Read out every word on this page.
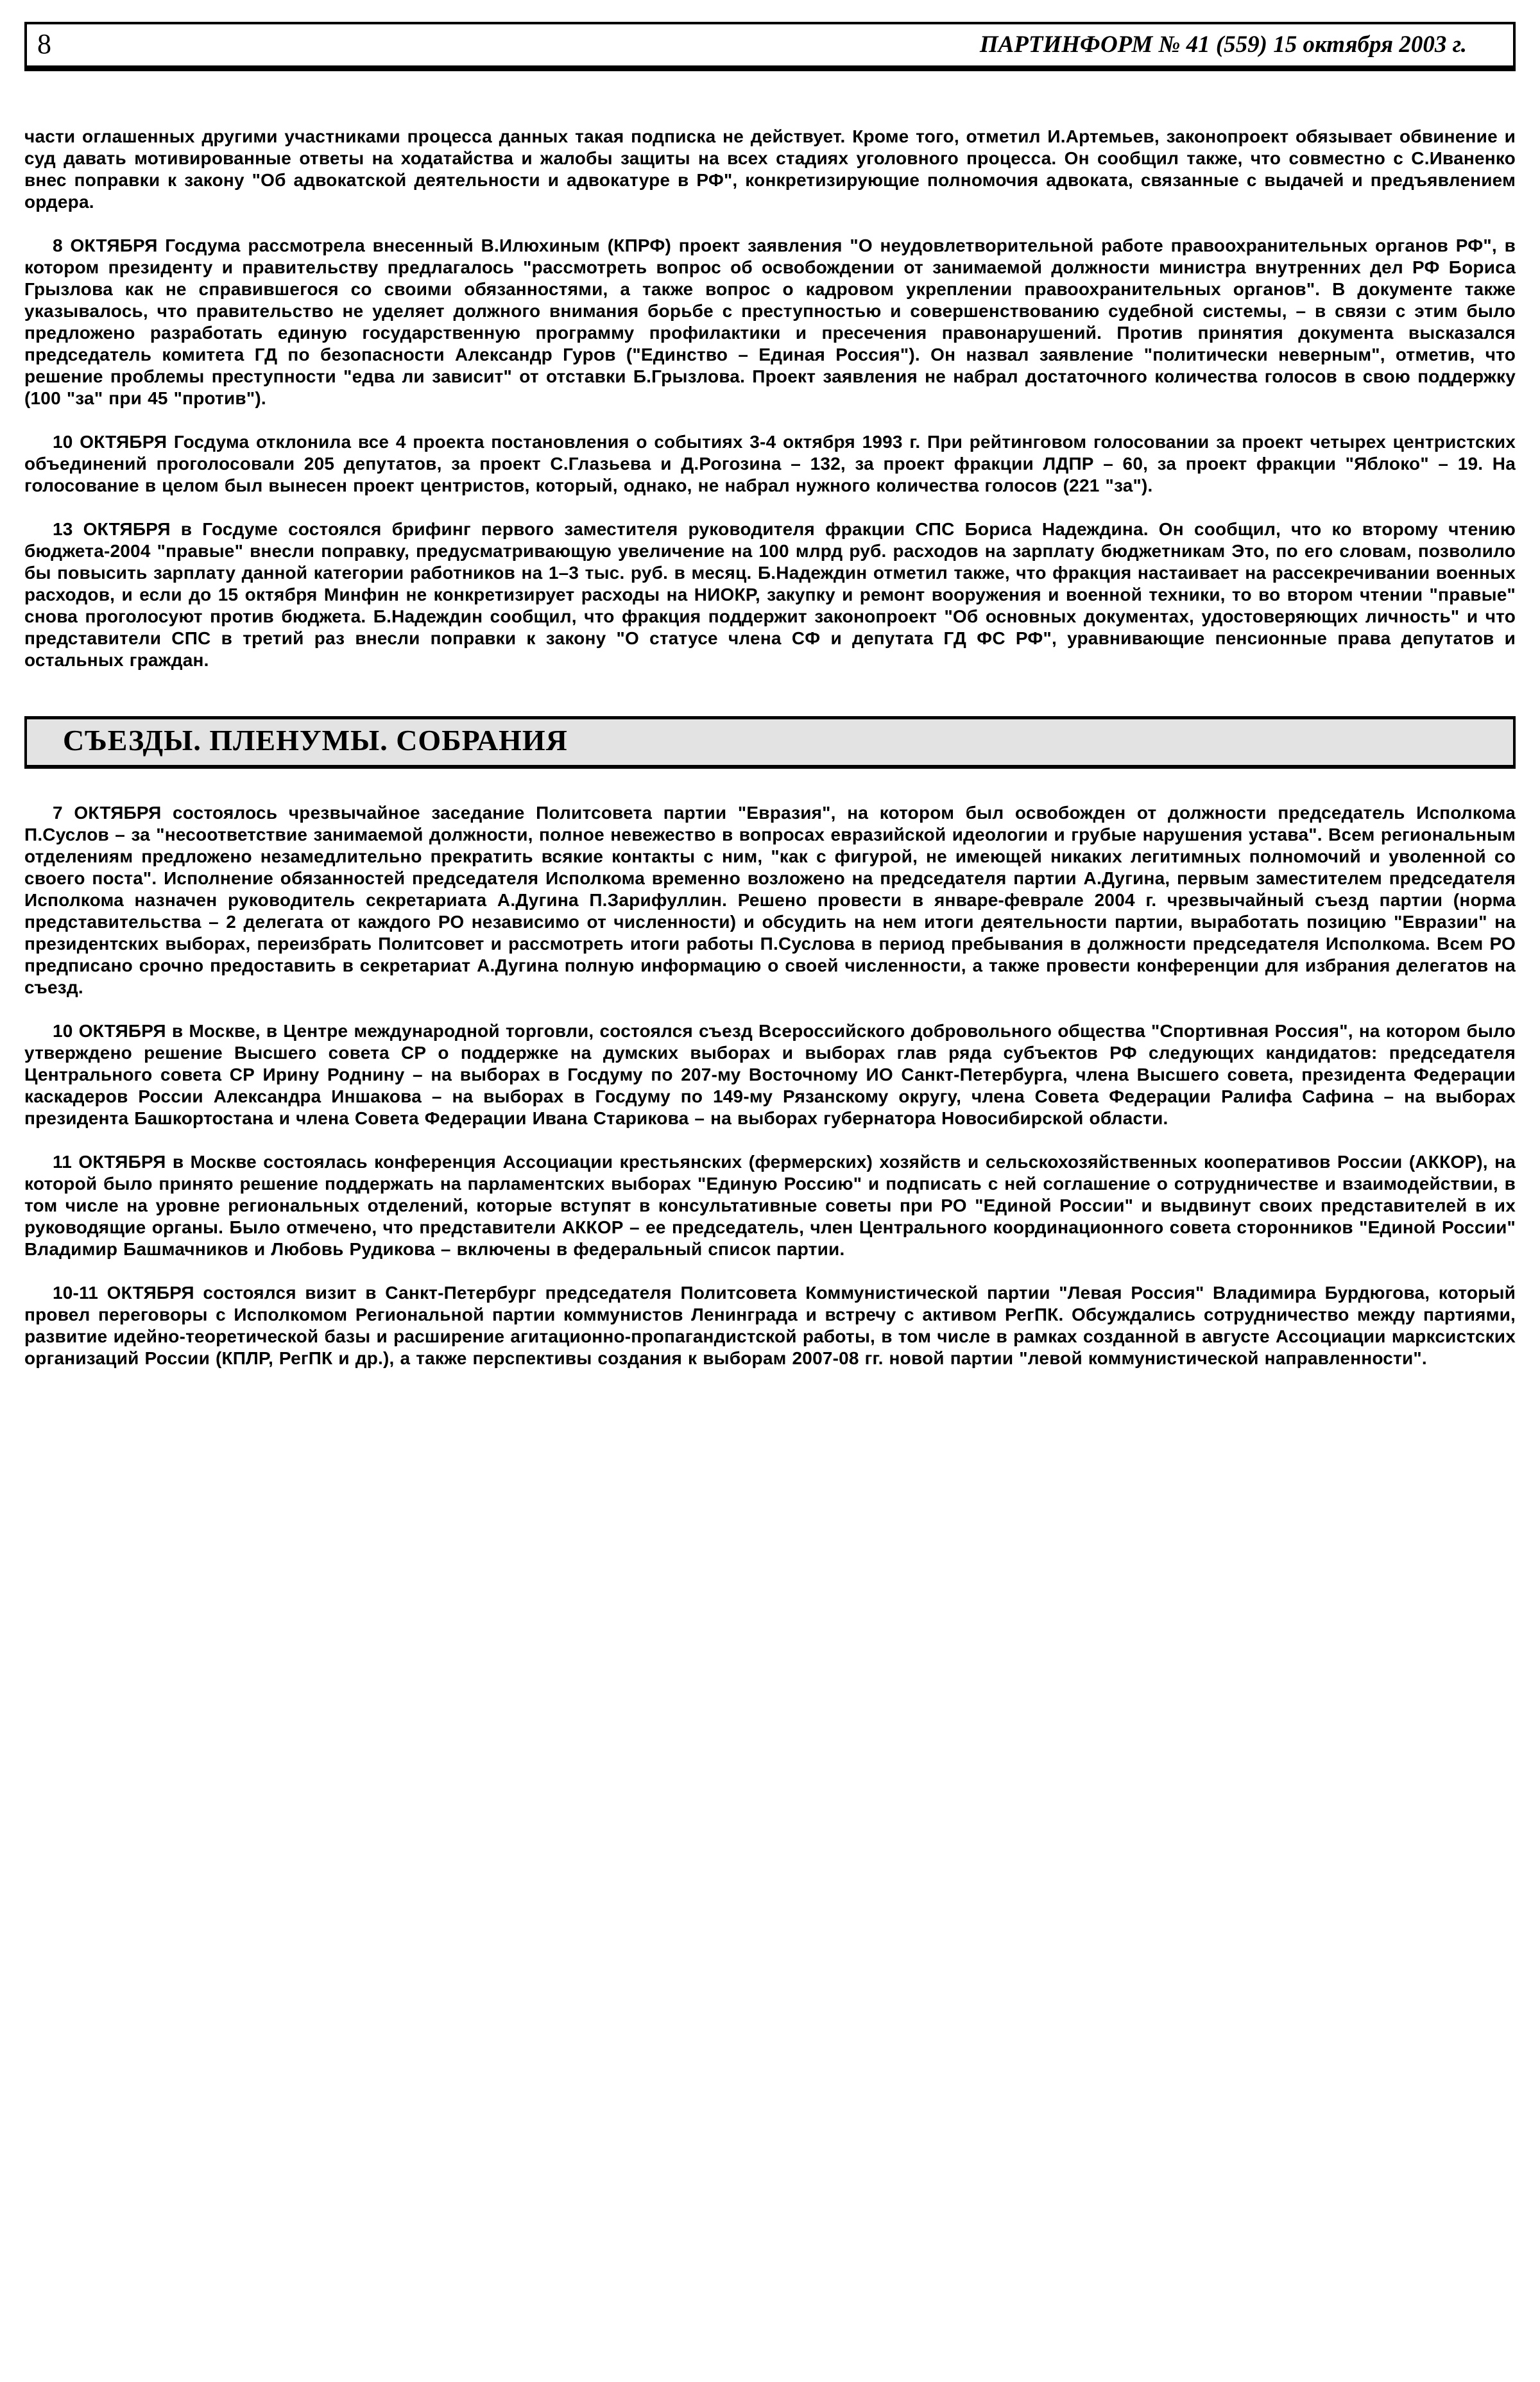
8	ПАРТИНФОРМ № 41 (559) 15 октября 2003 г.

части оглашенных другими участниками процесса данных такая подписка не действует. Кроме того, отметил И.Артемьев, законопроект обязывает обвинение и суд давать мотивированные ответы на ходатайства и жалобы защиты на всех стадиях уголовного процесса. Он сообщил также, что совместно с С.Иваненко внес поправки к закону "Об адвокатской деятельности и адвокатуре в РФ", конкретизирующие полномочия адвоката, связанные с выдачей и предъявлением ордера.

8 ОКТЯБРЯ Госдума рассмотрела внесенный В.Илюхиным (КПРФ) проект заявления "О неудовлетворительной работе правоохранительных органов РФ", в котором президенту и правительству предлагалось "рассмотреть вопрос об освобождении от занимаемой должности министра внутренних дел РФ Бориса Грызлова как не справившегося со своими обязанностями, а также вопрос о кадровом укреплении правоохранительных органов". В документе также указывалось, что правительство не уделяет должного внимания борьбе с преступностью и совершенствованию судебной системы, – в связи с этим было предложено разработать единую государственную программу профилактики и пресечения правонарушений. Против принятия документа высказался председатель комитета ГД по безопасности Александр Гуров ("Единство – Единая Россия"). Он назвал заявление "политически неверным", отметив, что решение проблемы преступности "едва ли зависит" от отставки Б.Грызлова. Проект заявления не набрал достаточного количества голосов в свою поддержку (100 "за" при 45 "против").

10 ОКТЯБРЯ Госдума отклонила все 4 проекта постановления о событиях 3-4 октября 1993 г. При рейтинговом голосовании за проект четырех центристских объединений проголосовали 205 депутатов, за проект С.Глазьева и Д.Рогозина – 132, за проект фракции ЛДПР – 60, за проект фракции "Яблоко" – 19. На голосование в целом был вынесен проект центристов, который, однако, не набрал нужного количества голосов (221 "за").

13 ОКТЯБРЯ в Госдуме состоялся брифинг первого заместителя руководителя фракции СПС Бориса Надеждина. Он сообщил, что ко второму чтению бюджета-2004 "правые" внесли поправку, предусматривающую увеличение на 100 млрд руб. расходов на зарплату бюджетникам Это, по его словам, позволило бы повысить зарплату данной категории работников на 1–3 тыс. руб. в месяц. Б.Надеждин отметил также, что фракция настаивает на рассекречивании военных расходов, и если до 15 октября Минфин не конкретизирует расходы на НИОКР, закупку и ремонт вооружения и военной техники, то во втором чтении "правые" снова проголосуют против бюджета. Б.Надеждин сообщил, что фракция поддержит законопроект "Об основных документах, удостоверяющих личность" и что представители СПС в третий раз внесли поправки к закону "О статусе члена СФ и депутата ГД ФС РФ", уравнивающие пенсионные права депутатов и остальных граждан.

СЪЕЗДЫ. ПЛЕНУМЫ. СОБРАНИЯ

7 ОКТЯБРЯ состоялось чрезвычайное заседание Политсовета партии "Евразия", на котором был освобожден от должности председатель Исполкома П.Суслов – за "несоответствие занимаемой должности, полное невежество в вопросах евразийской идеологии и грубые нарушения устава". Всем региональным отделениям предложено незамедлительно прекратить всякие контакты с ним, "как с фигурой, не имеющей никаких легитимных полномочий и уволенной со своего поста". Исполнение обязанностей председателя Исполкома временно возложено на председателя партии А.Дугина, первым заместителем председателя Исполкома назначен руководитель секретариата А.Дугина П.Зарифуллин. Решено провести в январе-феврале 2004 г. чрезвычайный съезд партии (норма представительства – 2 делегата от каждого РО независимо от численности) и обсудить на нем итоги деятельности партии, выработать позицию "Евразии" на президентских выборах, переизбрать Политсовет и рассмотреть итоги работы П.Суслова в период пребывания в должности председателя Исполкома. Всем РО предписано срочно предоставить в секретариат А.Дугина полную информацию о своей численности, а также провести конференции для избрания делегатов на съезд.

10 ОКТЯБРЯ в Москве, в Центре международной торговли, состоялся съезд Всероссийского добровольного общества "Спортивная Россия", на котором было утверждено решение Высшего совета СР о поддержке на думских выборах и выборах глав ряда субъектов РФ следующих кандидатов: председателя Центрального совета СР Ирину Роднину – на выборах в Госдуму по 207-му Восточному ИО Санкт-Петербурга, члена Высшего совета, президента Федерации каскадеров России Александра Иншакова – на выборах в Госдуму по 149-му Рязанскому округу, члена Совета Федерации Ралифа Сафина – на выборах президента Башкортостана и члена Совета Федерации Ивана Старикова – на выборах губернатора Новосибирской области.

11 ОКТЯБРЯ в Москве состоялась конференция Ассоциации крестьянских (фермерских) хозяйств и сельскохозяйственных кооперативов России (АККОР), на которой было принято решение поддержать на парламентских выборах "Единую Россию" и подписать с ней соглашение о сотрудничестве и взаимодействии, в том числе на уровне региональных отделений, которые вступят в консультативные советы при РО "Единой России" и выдвинут своих представителей в их руководящие органы. Было отмечено, что представители АККОР – ее председатель, член Центрального координационного совета сторонников "Единой России" Владимир Башмачников и Любовь Рудикова – включены в федеральный список партии.

10-11 ОКТЯБРЯ состоялся визит в Санкт-Петербург председателя Политсовета Коммунистической партии "Левая Россия" Владимира Бурдюгова, который провел переговоры с Исполкомом Региональной партии коммунистов Ленинграда и встречу с активом РегПК. Обсуждались сотрудничество между партиями, развитие идейно-теоретической базы и расширение агитационно-пропагандистской работы, в том числе в рамках созданной в августе Ассоциации марксистских организаций России (КПЛР, РегПК и др.), а также перспективы создания к выборам 2007-08 гг. новой партии "левой коммунистической направленности".
